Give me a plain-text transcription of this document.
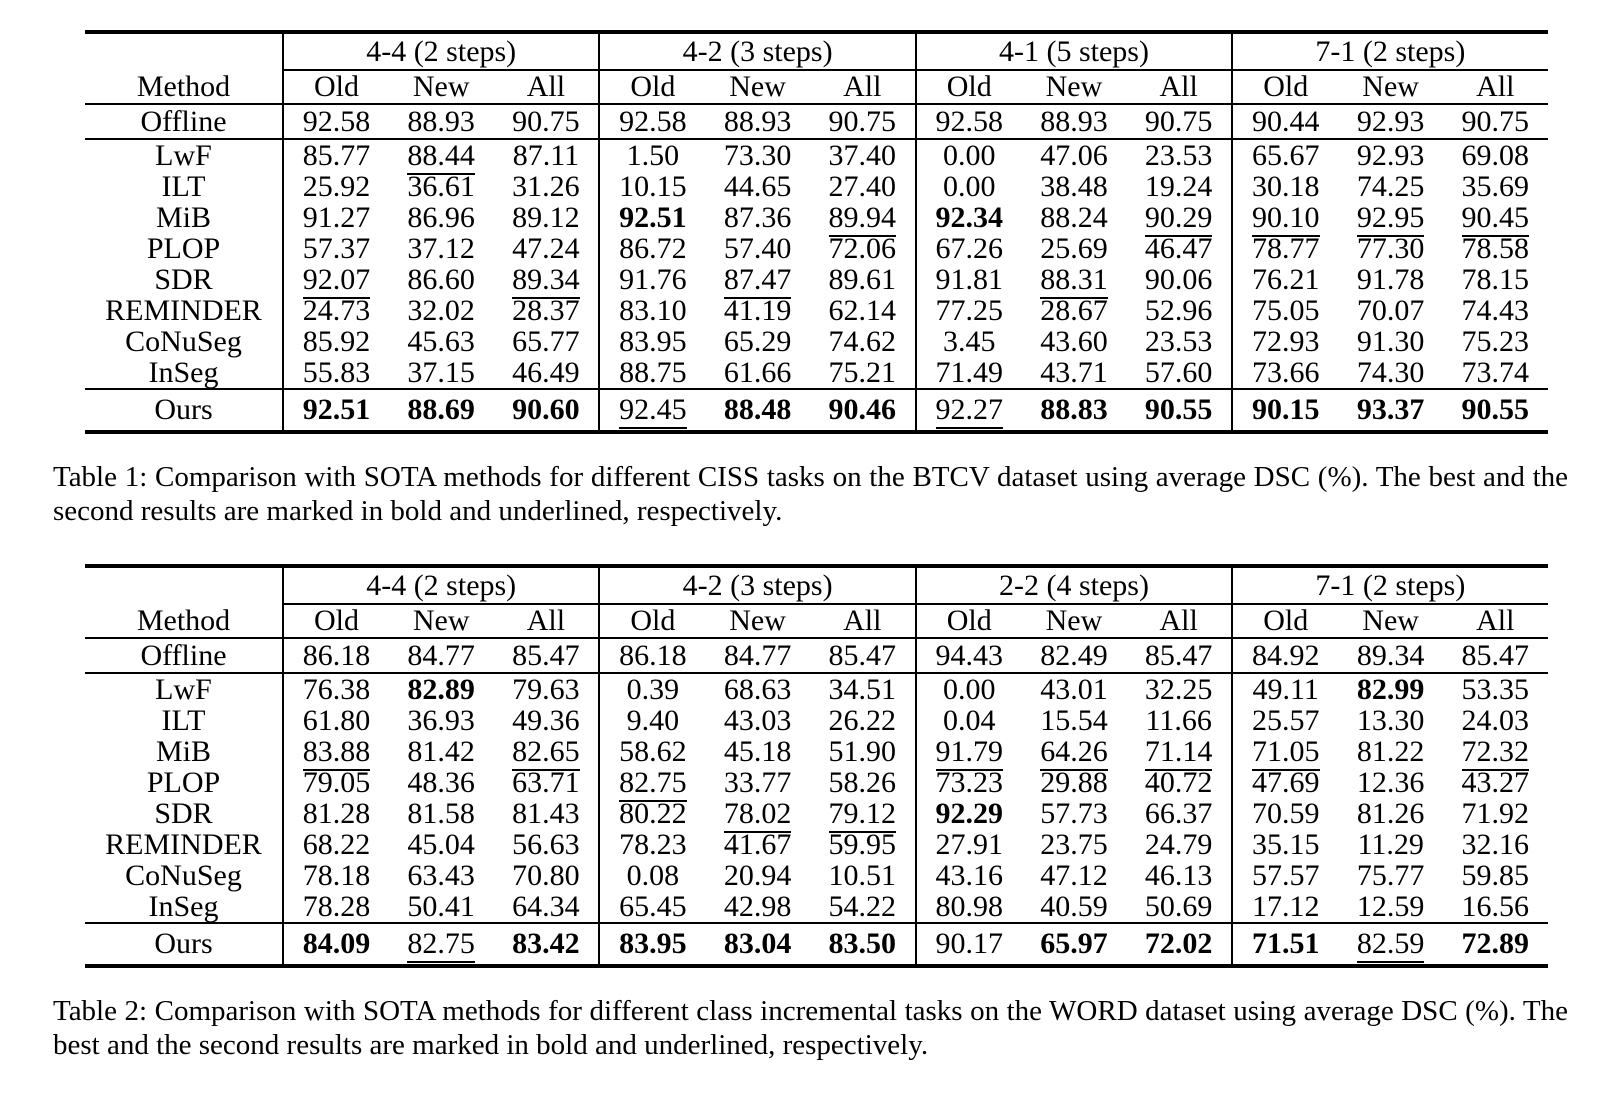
	4-4 (2 steps)			4-2 (3 steps)			4-1 (5 steps)			7-1 (2 steps)		
Method	Old	New	All	Old	New	All	Old	New	All	Old	New	All
Offline	92.58	88.93	90.75	92.58	88.93	90.75	92.58	88.93	90.75	90.44	92.93	90.75
LwF	85.77	88.44	87.11	1.50	73.30	37.40	0.00	47.06	23.53	65.67	92.93	69.08
ILT	25.92	36.61	31.26	10.15	44.65	27.40	0.00	38.48	19.24	30.18	74.25	35.69
MiB	91.27	86.96	89.12	92.51	87.36	89.94	92.34	88.24	90.29	90.10	92.95	90.45
PLOP	57.37	37.12	47.24	86.72	57.40	72.06	67.26	25.69	46.47	78.77	77.30	78.58
SDR	92.07	86.60	89.34	91.76	87.47	89.61	91.81	88.31	90.06	76.21	91.78	78.15
REMINDER	24.73	32.02	28.37	83.10	41.19	62.14	77.25	28.67	52.96	75.05	70.07	74.43
CoNuSeg	85.92	45.63	65.77	83.95	65.29	74.62	3.45	43.60	23.53	72.93	91.30	75.23
InSeg	55.83	37.15	46.49	88.75	61.66	75.21	71.49	43.71	57.60	73.66	74.30	73.74
Ours	92.51	88.69	90.60	92.45	88.48	90.46	92.27	88.83	90.55	90.15	93.37	90.55

Table 1: Comparison with SOTA methods for different CISS tasks on the BTCV dataset using average DSC (%). The best and the second results are marked in bold and underlined, respectively.

	4-4 (2 steps)			4-2 (3 steps)			2-2 (4 steps)			7-1 (2 steps)		
Method	Old	New	All	Old	New	All	Old	New	All	Old	New	All
Offline	86.18	84.77	85.47	86.18	84.77	85.47	94.43	82.49	85.47	84.92	89.34	85.47
LwF	76.38	82.89	79.63	0.39	68.63	34.51	0.00	43.01	32.25	49.11	82.99	53.35
ILT	61.80	36.93	49.36	9.40	43.03	26.22	0.04	15.54	11.66	25.57	13.30	24.03
MiB	83.88	81.42	82.65	58.62	45.18	51.90	91.79	64.26	71.14	71.05	81.22	72.32
PLOP	79.05	48.36	63.71	82.75	33.77	58.26	73.23	29.88	40.72	47.69	12.36	43.27
SDR	81.28	81.58	81.43	80.22	78.02	79.12	92.29	57.73	66.37	70.59	81.26	71.92
REMINDER	68.22	45.04	56.63	78.23	41.67	59.95	27.91	23.75	24.79	35.15	11.29	32.16
CoNuSeg	78.18	63.43	70.80	0.08	20.94	10.51	43.16	47.12	46.13	57.57	75.77	59.85
InSeg	78.28	50.41	64.34	65.45	42.98	54.22	80.98	40.59	50.69	17.12	12.59	16.56
Ours	84.09	82.75	83.42	83.95	83.04	83.50	90.17	65.97	72.02	71.51	82.59	72.89

Table 2: Comparison with SOTA methods for different class incremental tasks on the WORD dataset using average DSC (%). The best and the second results are marked in bold and underlined, respectively.
